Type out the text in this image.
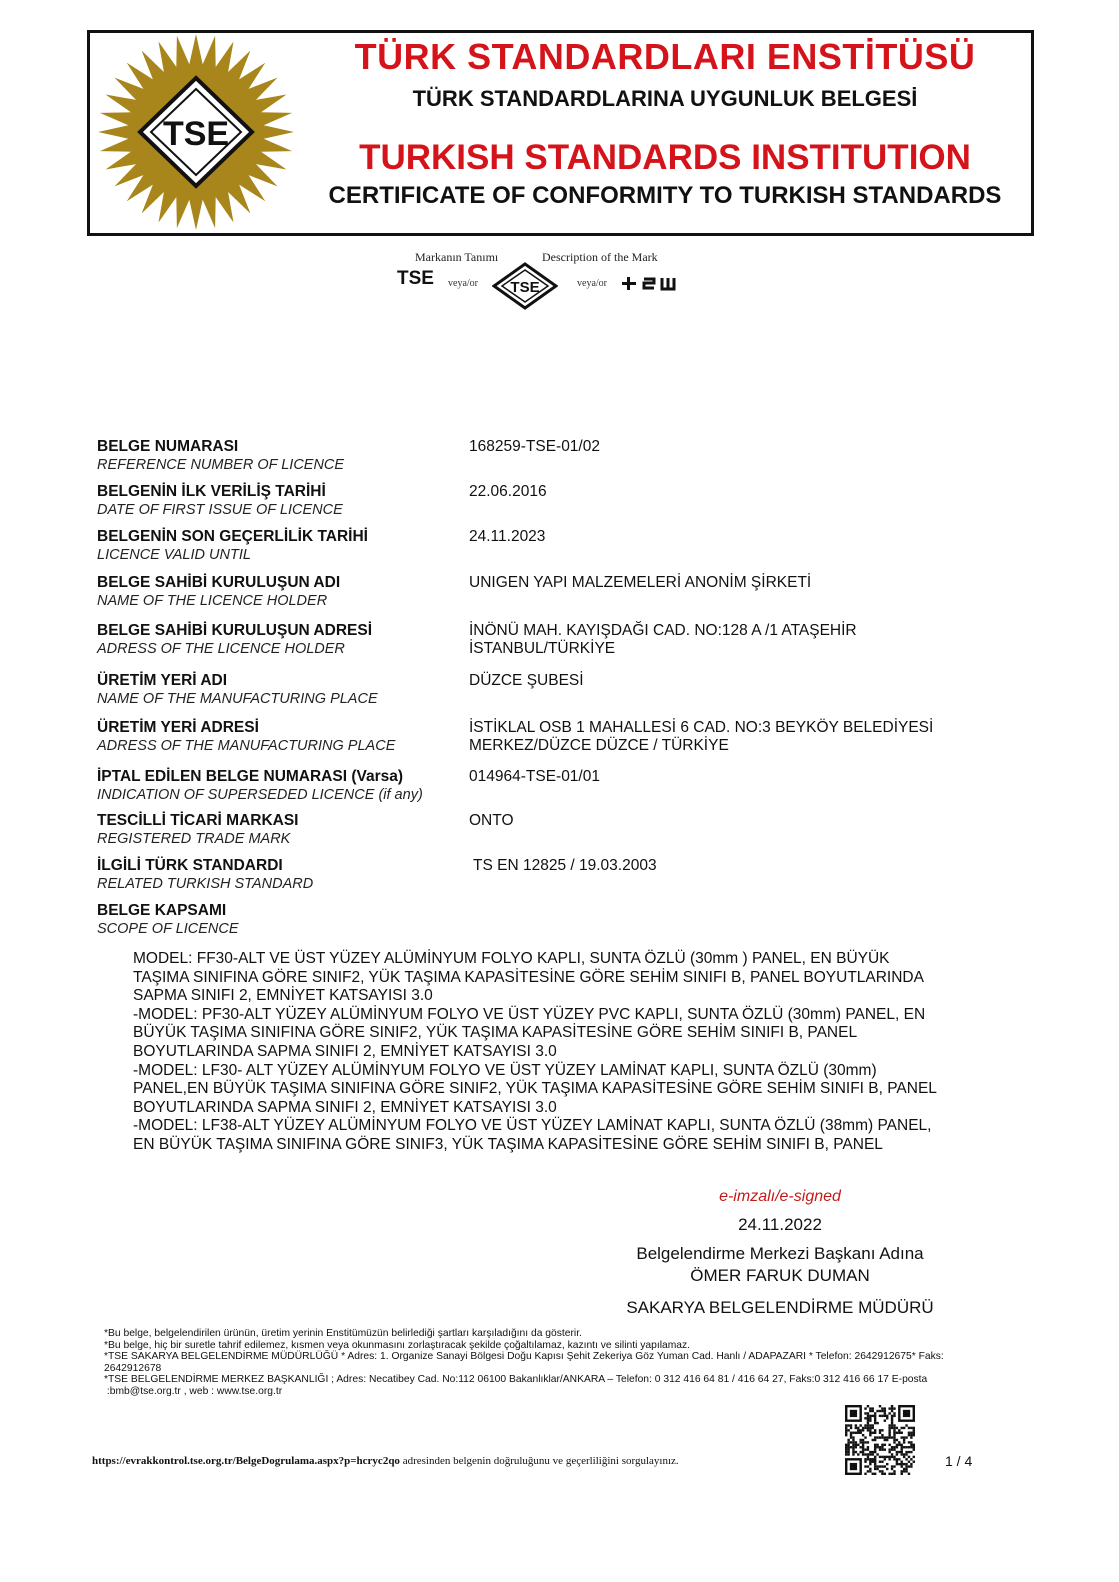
TSE
TÜRK STANDARDLARI ENSTİTÜSÜ
TÜRK STANDARDLARINA UYGUNLUK BELGESİ
TURKISH STANDARDS INSTITUTION
CERTIFICATE OF CONFORMITY TO TURKISH STANDARDS
Markanın Tanımı	Description of the Mark
TSE veya/or TSE	veya/or
BELGE NUMARASI
REFERENCE NUMBER OF LICENCE
168259-TSE-01/02
BELGENİN İLK VERİLİŞ TARİHİ
DATE OF FIRST ISSUE OF LICENCE
22.06.2016
BELGENİN SON GEÇERLİLİK TARİHİ
LICENCE VALID UNTIL
24.11.2023
BELGE SAHİBİ KURULUŞUN ADI
NAME OF THE LICENCE HOLDER
UNIGEN YAPI MALZEMELERİ ANONİM ŞİRKETİ
BELGE SAHİBİ KURULUŞUN ADRESİ
ADRESS OF THE LICENCE HOLDER
İNÖNÜ MAH. KAYIŞDAĞI CAD. NO:128 A /1 ATAŞEHİR
İSTANBUL/TÜRKİYE
ÜRETİM YERİ ADI
NAME OF THE MANUFACTURING PLACE
DÜZCE ŞUBESİ
ÜRETİM YERİ ADRESİ
ADRESS OF THE MANUFACTURING PLACE
İSTİKLAL OSB 1 MAHALLESİ 6 CAD. NO:3 BEYKÖY BELEDİYESİ
MERKEZ/DÜZCE DÜZCE / TÜRKİYE
İPTAL EDİLEN BELGE NUMARASI (Varsa)
INDICATION OF SUPERSEDED LICENCE (if any)
014964-TSE-01/01
TESCİLLİ TİCARİ MARKASI
REGISTERED TRADE MARK
ONTO
İLGİLİ TÜRK STANDARDI
RELATED TURKISH STANDARD
TS EN 12825 / 19.03.2003
BELGE KAPSAMI
SCOPE OF LICENCE
MODEL: FF30-ALT VE ÜST YÜZEY ALÜMİNYUM FOLYO KAPLI, SUNTA ÖZLÜ (30mm ) PANEL, EN BÜYÜK
TAŞIMA SINIFINA GÖRE SINIF2, YÜK TAŞIMA KAPASİTESİNE GÖRE SEHİM SINIFI B, PANEL BOYUTLARINDA
SAPMA SINIFI 2, EMNİYET KATSAYISI 3.0
-MODEL: PF30-ALT YÜZEY ALÜMİNYUM FOLYO VE ÜST YÜZEY PVC KAPLI, SUNTA ÖZLÜ (30mm) PANEL, EN
BÜYÜK TAŞIMA SINIFINA GÖRE SINIF2, YÜK TAŞIMA KAPASİTESİNE GÖRE SEHİM SINIFI B, PANEL
BOYUTLARINDA SAPMA SINIFI 2, EMNİYET KATSAYISI 3.0
-MODEL: LF30- ALT YÜZEY ALÜMİNYUM FOLYO VE ÜST YÜZEY LAMİNAT KAPLI, SUNTA ÖZLÜ (30mm)
PANEL,EN BÜYÜK TAŞIMA SINIFINA GÖRE SINIF2, YÜK TAŞIMA KAPASİTESİNE GÖRE SEHİM SINIFI B, PANEL
BOYUTLARINDA SAPMA SINIFI 2, EMNİYET KATSAYISI 3.0
-MODEL: LF38-ALT YÜZEY ALÜMİNYUM FOLYO VE ÜST YÜZEY LAMİNAT KAPLI, SUNTA ÖZLÜ (38mm) PANEL,
EN BÜYÜK TAŞIMA SINIFINA GÖRE SINIF3, YÜK TAŞIMA KAPASİTESİNE GÖRE SEHİM SINIFI B, PANEL
e-imzalı/e-signed
24.11.2022
Belgelendirme Merkezi Başkanı Adına
ÖMER FARUK DUMAN
SAKARYA BELGELENDİRME MÜDÜRÜ
*Bu belge, belgelendirilen ürünün, üretim yerinin Enstitümüzün belirlediği şartları karşıladığını da gösterir.
*Bu belge, hiç bir suretle tahrif edilemez, kısmen veya okunmasını zorlaştıracak şekilde çoğaltılamaz, kazıntı ve silinti yapılamaz.
*TSE SAKARYA BELGELENDİRME MÜDÜRLÜĞÜ * Adres: 1. Organize Sanayi Bölgesi Doğu Kapısı Şehit Zekeriya Göz Yuman Cad. Hanlı / ADAPAZARI * Telefon: 2642912675* Faks:
2642912678
*TSE BELGELENDİRME MERKEZ BAŞKANLIĞI ; Adres: Necatibey Cad. No:112 06100 Bakanlıklar/ANKARA – Telefon: 0 312 416 64 81 / 416 64 27, Faks:0 312 416 66 17 E-posta
:bmb@tse.org.tr , web : www.tse.org.tr
https://evrakkontrol.tse.org.tr/BelgeDogrulama.aspx?p=hcryc2qo adresinden belgenin doğruluğunu ve geçerliliğini sorgulayınız.	1 / 4
